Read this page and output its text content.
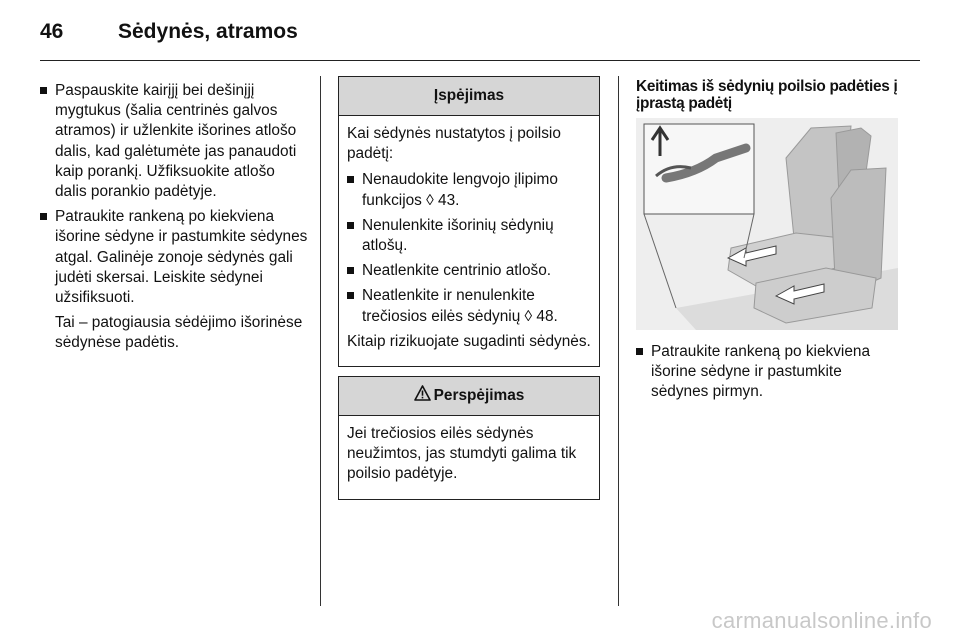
46	Sėdynės, atramos
Paspauskite kairįjį bei dešinįjį mygtukus (šalia centrinės galvos atramos) ir užlenkite išorines atlošo dalis, kad galėtumėte jas panaudoti kaip porankį. Užfiksuokite atlošo dalis porankio padėtyje.
Patraukite rankeną po kiekviena išorine sėdyne ir pastumkite sėdynes atgal. Galinėje zonoje sėdynės gali judėti skersai. Leiskite sėdynei užsifiksuoti.

Tai – patogiausia sėdėjimo išorinėse sėdynėse padėtis.

Įspėjimas

Kai sėdynės nustatytos į poilsio padėtį:

Nenaudokite lengvojo įlipimo funkcijos ◊ 43.
Nenulenkite išorinių sėdynių atlošų.
Neatlenkite centrinio atlošo.
Neatlenkite ir nenulenkite trečiosios eilės sėdynių ◊ 48.

Kitaip rizikuojate sugadinti sėdynės.

Perspėjimas

Jei trečiosios eilės sėdynės neužimtos, jas stumdyti galima tik poilsio padėtyje.

Keitimas iš sėdynių poilsio padėties į įprastą padėtį

Patraukite rankeną po kiekviena išorine sėdyne ir pastumkite sėdynes pirmyn.
carmanualsonline.info
